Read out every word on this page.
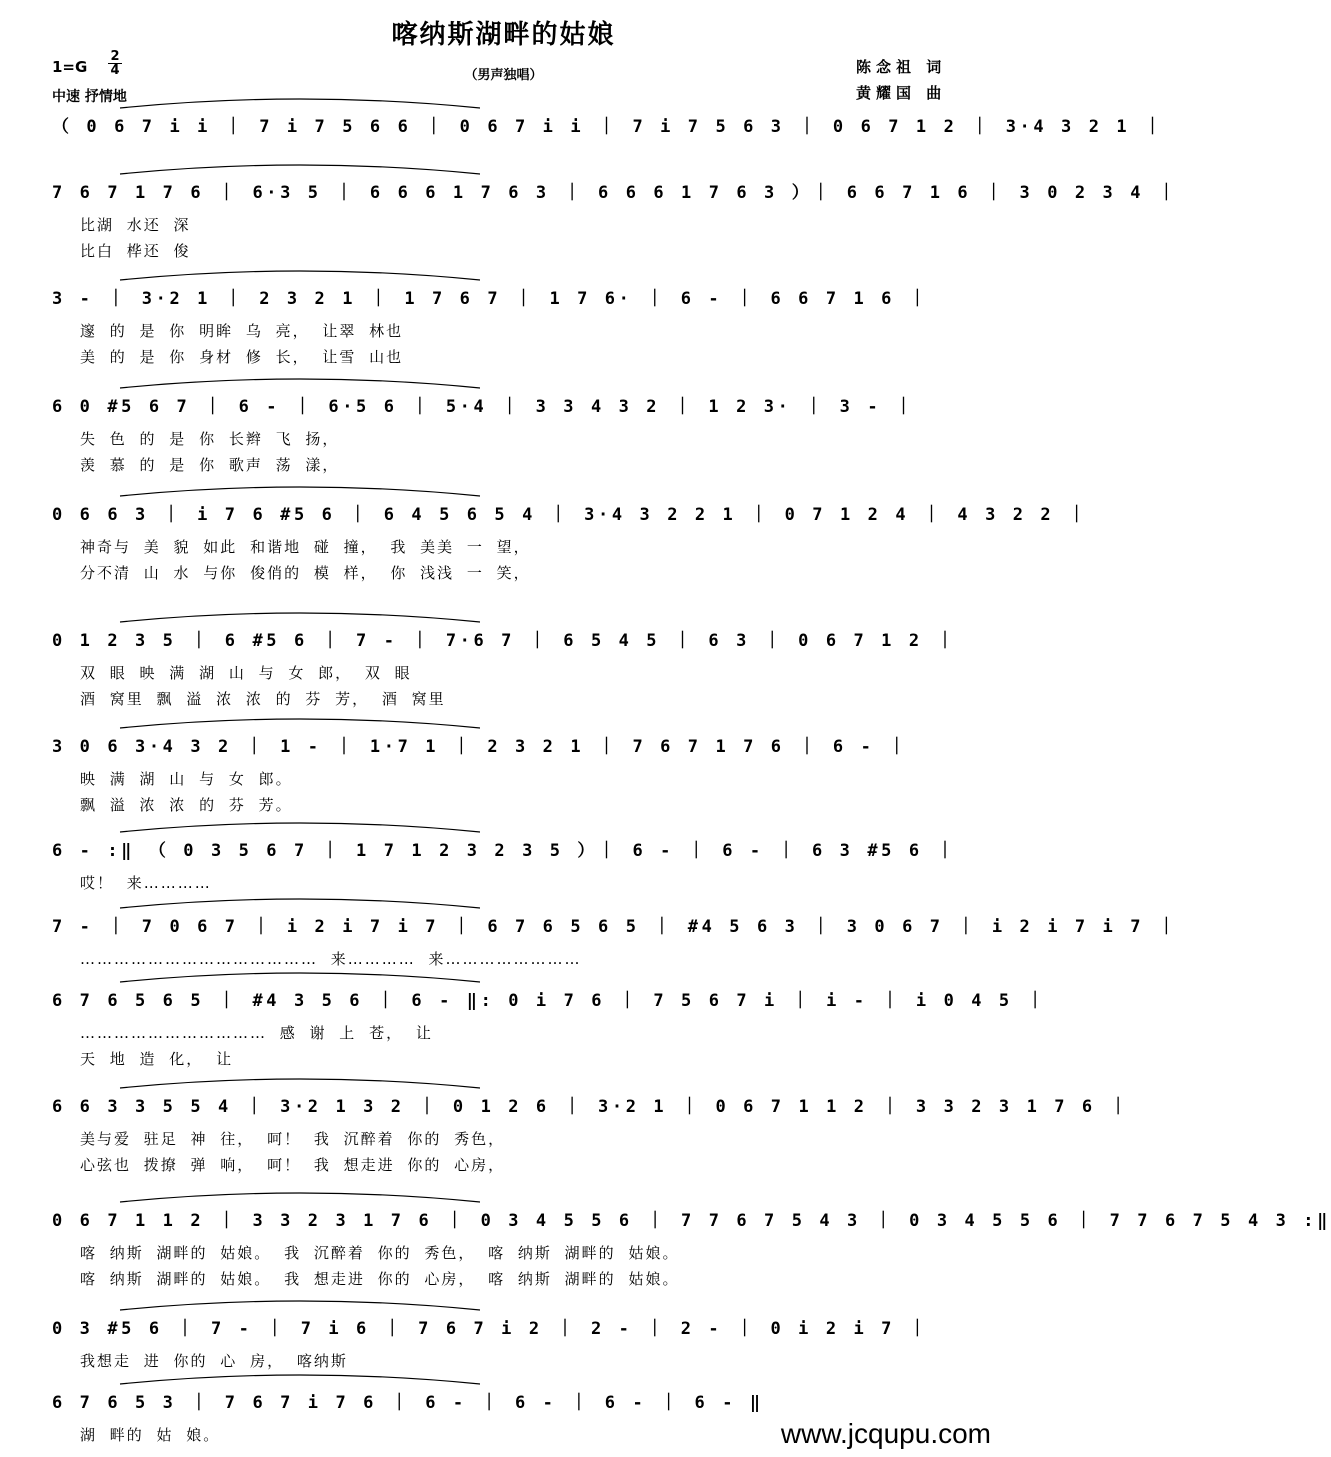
喀纳斯湖畔的姑娘
1=G
2
4	（男声独唱）	陈念祖 词
黄耀国 曲
中速 抒情地
（ 0 6 7 i i ｜ 7 i 7 5 6 6 ｜ 0 6 7 i i ｜ 7 i 7 5 6 3 ｜ 0 6 7 1 2 ｜ 3·4 3 2 1 ｜
7 6 7 1 7 6 ｜ 6·3 5 ｜ 6 6 6 1 7 6 3 ｜ 6 6 6 1 7 6 3 ）｜ 6 6 7 1 6 ｜ 3 0 2 3 4 ｜
比湖 水还 深
比白 桦还 俊
3 - ｜ 3·2 1 ｜ 2 3 2 1 ｜ 1 7 6 7 ｜ 1 7 6· ｜ 6 - ｜ 6 6 7 1 6 ｜
邃 的 是 你 明眸 乌 亮， 让翠 林也
美 的 是 你 身材 修 长， 让雪 山也
6 0 #5 6 7 ｜ 6 - ｜ 6·5 6 ｜ 5·4 ｜ 3 3 4 3 2 ｜ 1 2 3· ｜ 3 - ｜
失 色 的 是 你 长辫 飞 扬，
羡 慕 的 是 你 歌声 荡 漾，
0 6 6 3 ｜ i 7 6 #5 6 ｜ 6 4 5 6 5 4 ｜ 3·4 3 2 2 1 ｜ 0 7 1 2 4 ｜ 4 3 2 2 ｜
神奇与 美 貌 如此 和谐地 碰 撞， 我 美美 一 望，
分不清 山 水 与你 俊俏的 模 样， 你 浅浅 一 笑，
0 1 2 3 5 ｜ 6 #5 6 ｜ 7 - ｜ 7·6 7 ｜ 6 5 4 5 ｜ 6 3 ｜ 0 6 7 1 2 ｜
双 眼 映 满 湖 山 与 女 郎， 双 眼
酒 窝里 飘 溢 浓 浓 的 芬 芳， 酒 窝里
3 0 6 3·4 3 2 ｜ 1 - ｜ 1·7 1 ｜ 2 3 2 1 ｜ 7 6 7 1 7 6 ｜ 6 - ｜
映 满 湖 山 与 女 郎。
飘 溢 浓 浓 的 芬 芳。
6 - :‖ （ 0 3 5 6 7 ｜ 1 7 1 2 3 2 3 5 ）｜ 6 - ｜ 6 - ｜ 6 3 #5 6 ｜
哎！ 来…………
7 - ｜ 7 0 6 7 ｜ i 2 i 7 i 7 ｜ 6 7 6 5 6 5 ｜ #4 5 6 3 ｜ 3 0 6 7 ｜ i 2 i 7 i 7 ｜
…………………………………… 来………… 来……………………
6 7 6 5 6 5 ｜ #4 3 5 6 ｜ 6 - ‖: 0 i 7 6 ｜ 7 5 6 7 i ｜ i - ｜ i 0 4 5 ｜
…………………………… 感 谢 上 苍， 让
天 地 造 化， 让
6 6 3 3 5 5 4 ｜ 3·2 1 3 2 ｜ 0 1 2 6 ｜ 3·2 1 ｜ 0 6 7 1 1 2 ｜ 3 3 2 3 1 7 6 ｜
美与爱 驻足 神 往， 呵！ 我 沉醉着 你的 秀色，
心弦也 拨撩 弹 响， 呵！ 我 想走进 你的 心房，
0 6 7 1 1 2 ｜ 3 3 2 3 1 7 6 ｜ 0 3 4 5 5 6 ｜ 7 7 6 7 5 4 3 ｜ 0 3 4 5 5 6 ｜ 7 7 6 7 5 4 3 :‖
喀 纳斯 湖畔的 姑娘。 我 沉醉着 你的 秀色， 喀 纳斯 湖畔的 姑娘。
喀 纳斯 湖畔的 姑娘。 我 想走进 你的 心房， 喀 纳斯 湖畔的 姑娘。
0 3 #5 6 ｜ 7 - ｜ 7 i 6 ｜ 7 6 7 i 2 ｜ 2 - ｜ 2 - ｜ 0 i 2 i 7 ｜
我想走 进 你的 心 房， 喀纳斯
6 7 6 5 3 ｜ 7 6 7 i 7 6 ｜ 6 - ｜ 6 - ｜ 6 - ｜ 6 - ‖
湖 畔的 姑 娘。	www.jcqupu.com
